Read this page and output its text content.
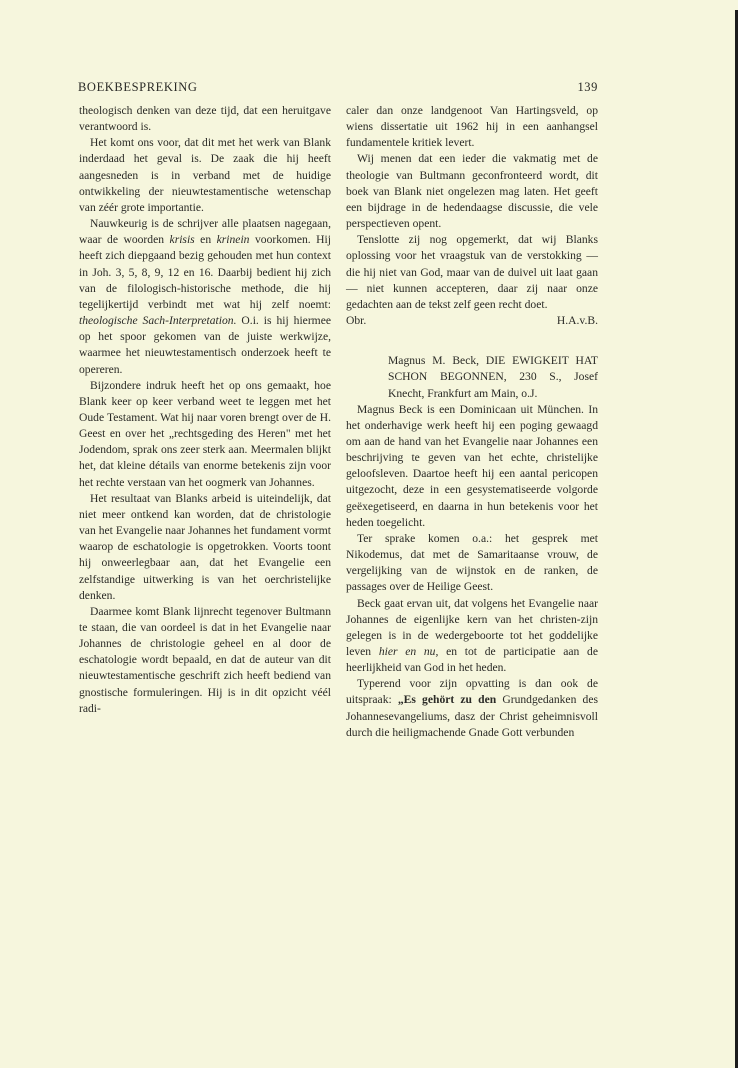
BOEKBESPREKING	139

theologisch denken van deze tijd, dat een heruitgave verantwoord is.

Het komt ons voor, dat dit met het werk van Blank inderdaad het geval is. De zaak die hij heeft aangesneden is in verband met de huidige ontwikkeling der nieuwtestamentische wetenschap van zéér grote importantie.

Nauwkeurig is de schrijver alle plaatsen nagegaan, waar de woorden krisis en krinein voorkomen. Hij heeft zich diepgaand bezig gehouden met hun context in Joh. 3, 5, 8, 9, 12 en 16. Daarbij bedient hij zich van de filologisch-historische methode, die hij tegelijkertijd verbindt met wat hij zelf noemt: theologische Sach-Interpretation. O.i. is hij hiermee op het spoor gekomen van de juiste werkwijze, waarmee het nieuwtestamentisch onderzoek heeft te opereren.

Bijzondere indruk heeft het op ons gemaakt, hoe Blank keer op keer verband weet te leggen met het Oude Testament. Wat hij naar voren brengt over de H. Geest en over het „rechtsgeding des Heren" met het Jodendom, sprak ons zeer sterk aan. Meermalen blijkt het, dat kleine détails van enorme betekenis zijn voor het rechte verstaan van het oogmerk van Johannes.

Het resultaat van Blanks arbeid is uiteindelijk, dat niet meer ontkend kan worden, dat de christologie van het Evangelie naar Johannes het fundament vormt waarop de eschatologie is opgetrokken. Voorts toont hij onweerlegbaar aan, dat het Evangelie een zelfstandige uitwerking is van het oerchristelijke denken.

Daarmee komt Blank lijnrecht tegenover Bultmann te staan, die van oordeel is dat in het Evangelie naar Johannes de christologie geheel en al door de eschatologie wordt bepaald, en dat de auteur van dit nieuwtestamentische geschrift zich heeft bediend van gnostische formuleringen. Hij is in dit opzicht véél radi-

caler dan onze landgenoot Van Hartingsveld, op wiens dissertatie uit 1962 hij in een aanhangsel fundamentele kritiek levert.

Wij menen dat een ieder die vakmatig met de theologie van Bultmann geconfronteerd wordt, dit boek van Blank niet ongelezen mag laten. Het geeft een bijdrage in de hedendaagse discussie, die vele perspectieven opent.

Tenslotte zij nog opgemerkt, dat wij Blanks oplossing voor het vraagstuk van de verstokking — die hij niet van God, maar van de duivel uit laat gaan — niet kunnen accepteren, daar zij naar onze gedachten aan de tekst zelf geen recht doet.

Obr.	H.A.v.B.

Magnus M. Beck, DIE EWIGKEIT HAT SCHON BEGONNEN, 230 S., Josef Knecht, Frankfurt am Main, o.J.

Magnus Beck is een Dominicaan uit München. In het onderhavige werk heeft hij een poging gewaagd om aan de hand van het Evangelie naar Johannes een beschrijving te geven van het echte, christelijke geloofsleven. Daartoe heeft hij een aantal pericopen uitgezocht, deze in een gesystematiseerde volgorde geëxegetiseerd, en daarna in hun betekenis voor het heden toegelicht.

Ter sprake komen o.a.: het gesprek met Nikodemus, dat met de Samaritaanse vrouw, de vergelijking van de wijnstok en de ranken, de passages over de Heilige Geest.

Beck gaat ervan uit, dat volgens het Evangelie naar Johannes de eigenlijke kern van het christen-zijn gelegen is in de wedergeboorte tot het goddelijke leven hier en nu, en tot de participatie aan de heerlijkheid van God in het heden.

Typerend voor zijn opvatting is dan ook de uitspraak: „Es gehört zu den Grundgedanken des Johannesevangeliums, dasz der Christ geheimnisvoll durch die heiligmachende Gnade Gott verbunden
